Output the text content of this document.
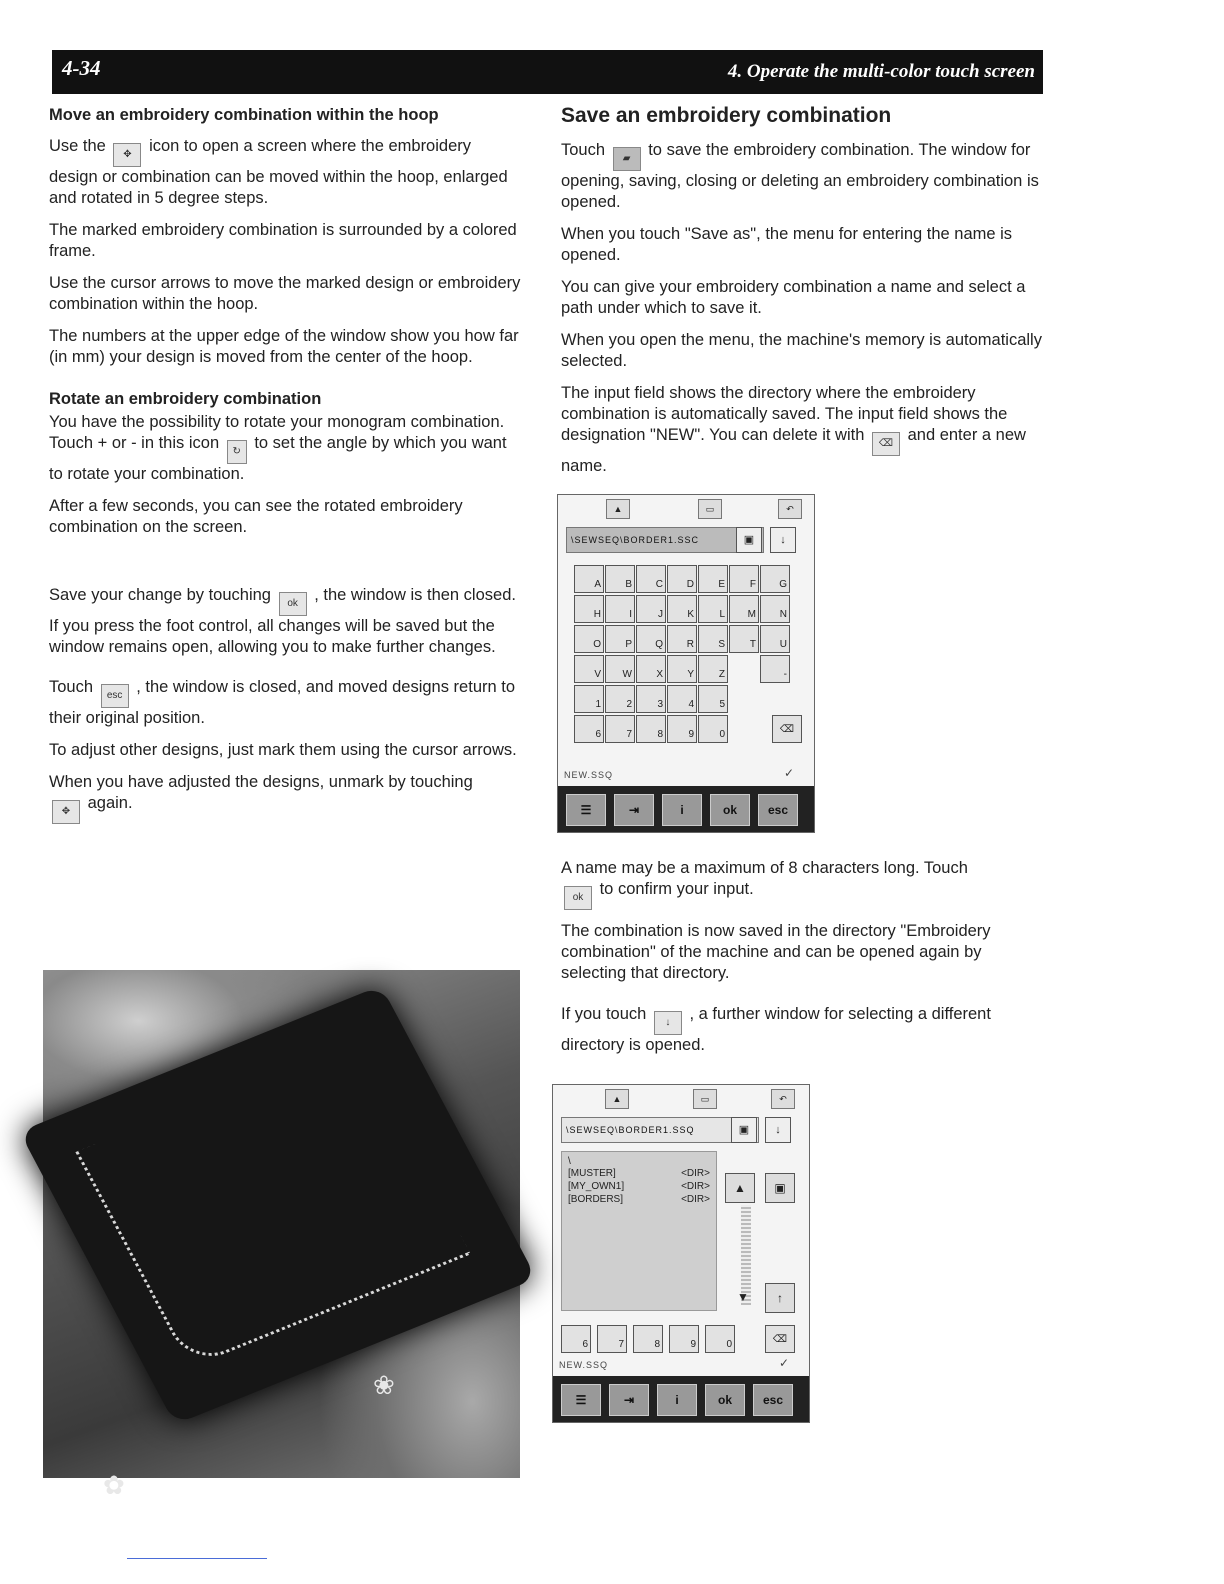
4-34	4. Operate the multi-color touch screen
Move an embroidery combination within the hoop

Use the ✥ icon to open a screen where the embroidery design or combination can be moved within the hoop, enlarged and rotated in 5 degree steps.

The marked embroidery combination is surrounded by a colored frame.

Use the cursor arrows to move the marked design or embroidery combination within the hoop.

The numbers at the upper edge of the window show you how far (in mm) your design is moved from the center of the hoop.

Rotate an embroidery combination

You have the possibility to rotate your monogram combination. Touch + or - in this icon ↻ to set the angle by which you want to rotate your combination.

After a few seconds, you can see the rotated embroidery combination on the screen.

Save your change by touching ok , the window is then closed. If you press the foot control, all changes will be saved but the window remains open, allowing you to make further changes.

Touch esc , the window is closed, and moved designs return to their original position.

To adjust other designs, just mark them using the cursor arrows.

When you have adjusted the designs, unmark by touching
✥ again.

Save an embroidery combination

Touch ▰ to save the embroidery combination. The window for opening, saving, closing or deleting an embroidery combination is opened.

When you touch "Save as", the menu for entering the name is opened.

You can give your embroidery combination a name and select a path under which to save it.

When you open the menu, the machine's memory is automatically selected.

The input field shows the directory where the embroidery combination is automatically saved. The input field shows the designation "NEW". You can delete it with ⌫ and enter a new name.

▲	▭	↶
\SEWSEQ\BORDER1.SSC	▣	↓
A	B	C	D	E	F	G
H	I	J	K	L	M	N
O	P	Q	R	S	T	U
V	W	X	Y	Z	-
1	2	3	4	5
6	7	8	9	0	⌫
NEW.SSQ	✓
☰	⇥	i	ok	esc

A name may be a maximum of 8 characters long. Touch
ok to confirm your input.

The combination is now saved in the directory "Embroidery combination" of the machine and can be opened again by selecting that directory.

If you touch ↓ , a further window for selecting a different directory is opened.

▲	▭	↶
\SEWSEQ\BORDER1.SSQ	▣	↓
\
[MUSTER]	<DIR>
[MY_OWN1]	<DIR>
[BORDERS]	<DIR>
▲	▣
▼	↑
6	7	8	9	0	⌫
NEW.SSQ	✓
☰	⇥	i	ok	esc
❀
✿
